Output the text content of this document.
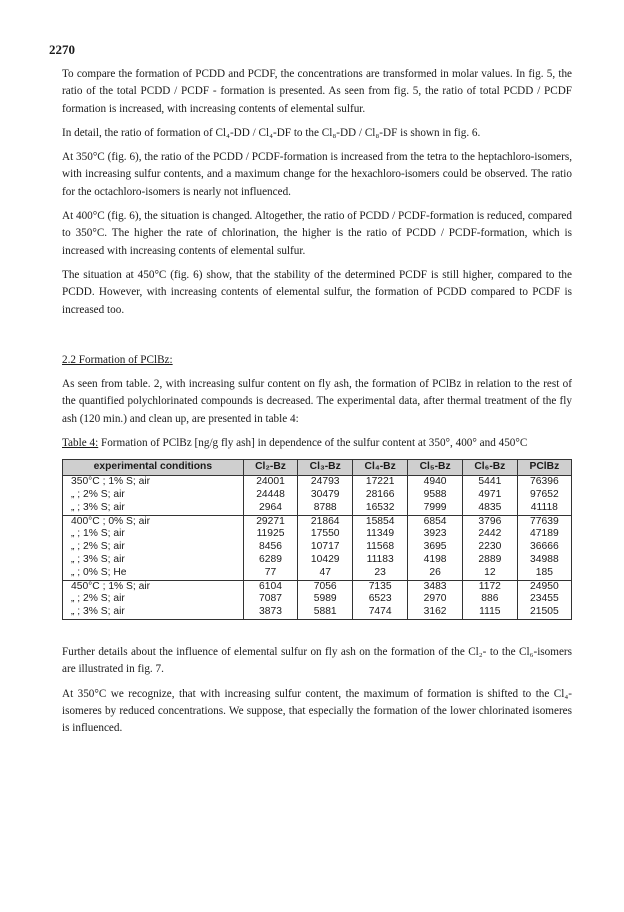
2270

To compare the formation of PCDD and PCDF, the concentrations are transformed in molar values. In fig. 5, the ratio of the total PCDD / PCDF - formation is presented. As seen from fig. 5, the ratio of total PCDD / PCDF formation is increased, with increasing contents of elemental sulfur.

In detail, the ratio of formation of Cl₄-DD / Cl₄-DF to the Cl₈-DD / Cl₈-DF is shown in fig. 6.

At 350°C (fig. 6), the ratio of the PCDD / PCDF-formation is increased from the tetra to the heptachloro-isomers, with increasing sulfur contents, and a maximum change for the hexachloro-isomers could be observed. The ratio for the octachloro-isomers is nearly not influenced.

At 400°C (fig. 6), the situation is changed. Altogether, the ratio of PCDD / PCDF-formation is reduced, compared to 350°C. The higher the rate of chlorination, the higher is the ratio of PCDD / PCDF-formation, which is increased with increasing contents of elemental sulfur.

The situation at 450°C (fig. 6) show, that the stability of the determined PCDF is still higher, compared to the PCDD. However, with increasing contents of elemental sulfur, the formation of PCDD compared to PCDF is increased too.

2.2 Formation of PClBz:

As seen from table. 2, with increasing sulfur content on fly ash, the formation of PClBz in relation to the rest of the quantified polychlorinated compounds is decreased. The experimental data, after thermal treatment of the fly ash (120 min.) and clean up, are presented in table 4:

Table 4: Formation of PClBz [ng/g fly ash] in dependence of the sulfur content at 350°, 400° and 450°C

experimental conditions	Cl₂-Bz	Cl₃-Bz	Cl₄-Bz	Cl₅-Bz	Cl₆-Bz	PClBz
350°C ; 1% S; air	24001	24793	17221	4940	5441	76396
„ ; 2% S; air	24448	30479	28166	9588	4971	97652
„ ; 3% S; air	2964	8788	16532	7999	4835	41118
400°C ; 0% S; air	29271	21864	15854	6854	3796	77639
„ ; 1% S; air	11925	17550	11349	3923	2442	47189
„ ; 2% S; air	8456	10717	11568	3695	2230	36666
„ ; 3% S; air	6289	10429	11183	4198	2889	34988
„ ; 0% S; He	77	47	23	26	12	185
450°C ; 1% S; air	6104	7056	7135	3483	1172	24950
„ ; 2% S; air	7087	5989	6523	2970	886	23455
„ ; 3% S; air	3873	5881	7474	3162	1115	21505

Further details about the influence of elemental sulfur on fly ash on the formation of the Cl₂- to the Cl₆-isomers are illustrated in fig. 7.

At 350°C we recognize, that with increasing sulfur content, the maximum of formation is shifted to the Cl₄-isomeres by reduced concentrations. We suppose, that especially the formation of the lower chlorinated isomeres is influenced.
